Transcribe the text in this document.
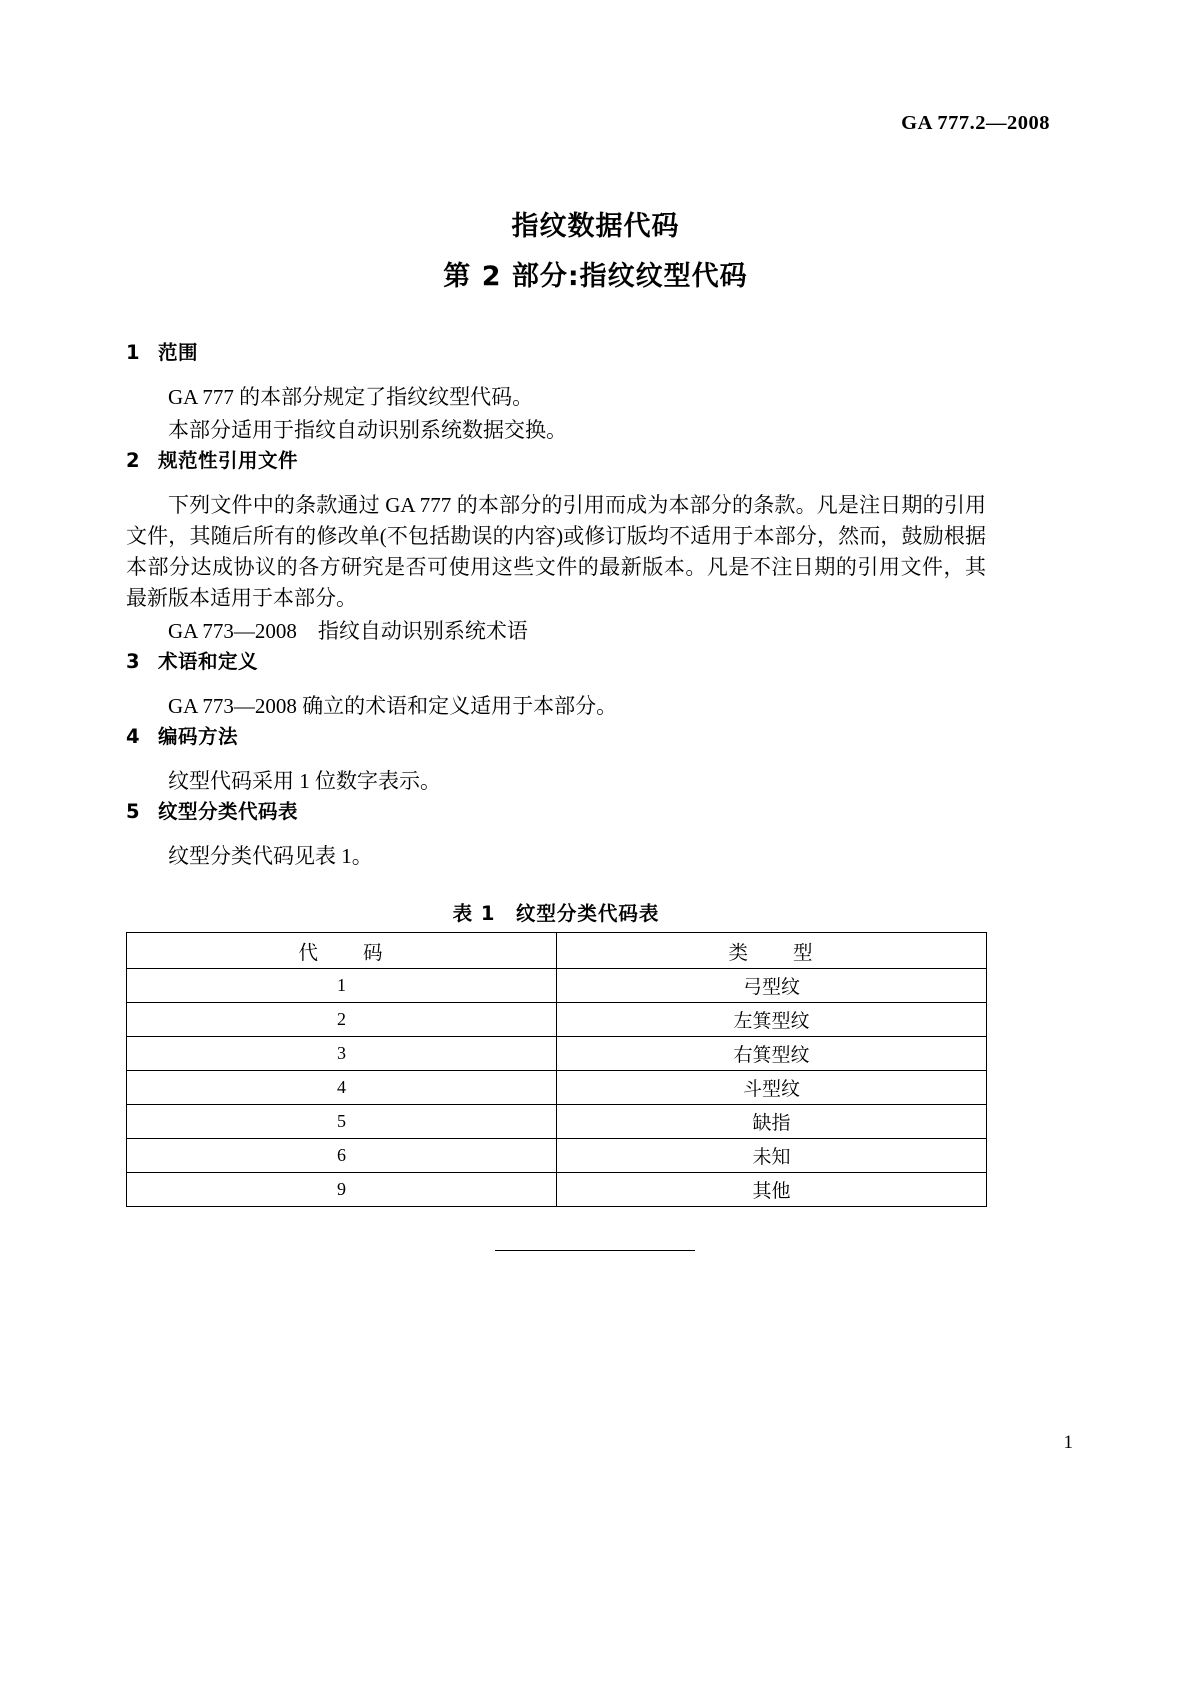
GA 777.2—2008
指纹数据代码
第 2 部分:指纹纹型代码
1 范围

GA 777 的本部分规定了指纹纹型代码。

本部分适用于指纹自动识别系统数据交换。

2 规范性引用文件

下列文件中的条款通过 GA 777 的本部分的引用而成为本部分的条款。凡是注日期的引用文件，其随后所有的修改单(不包括勘误的内容)或修订版均不适用于本部分，然而，鼓励根据本部分达成协议的各方研究是否可使用这些文件的最新版本。凡是不注日期的引用文件，其最新版本适用于本部分。

GA 773—2008　指纹自动识别系统术语

3 术语和定义

GA 773—2008 确立的术语和定义适用于本部分。

4 编码方法

纹型代码采用 1 位数字表示。

5 纹型分类代码表

纹型分类代码见表 1。

表 1　纹型分类代码表
代　　码	类　　型
1	弓型纹
2	左箕型纹
3	右箕型纹
4	斗型纹
5	缺指
6	未知
9	其他
1
